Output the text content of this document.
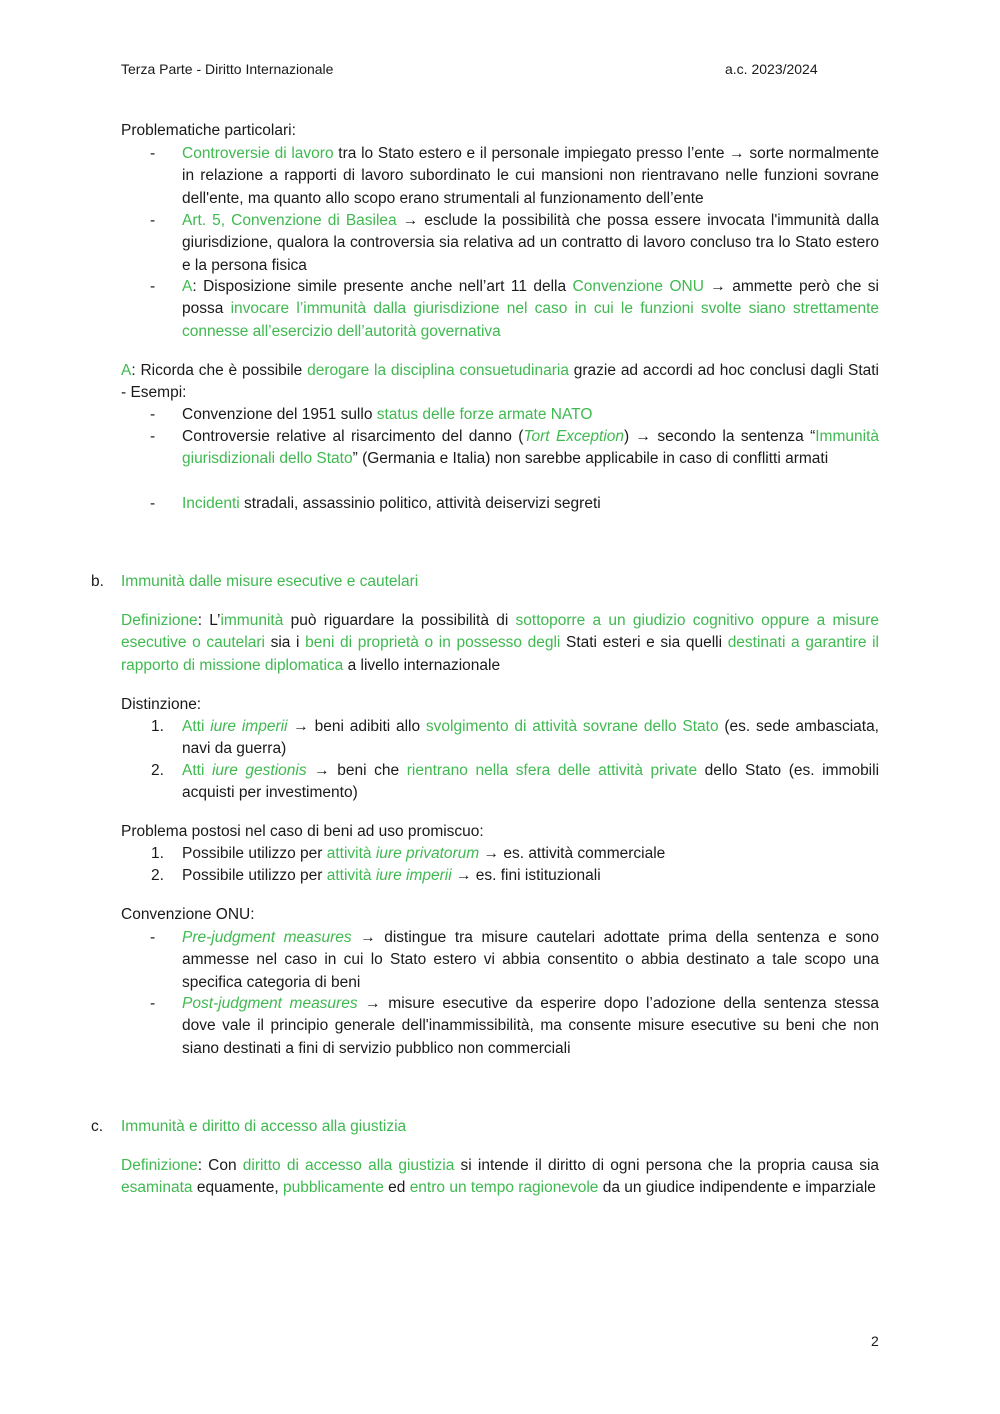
Terza Parte - Diritto Internazionale	a.c. 2023/2024
Problematiche particolari:
- Controversie di lavoro tra lo Stato estero e il personale impiegato presso l’ente → sorte normalmente in relazione a rapporti di lavoro subordinato le cui mansioni non rientravano nelle funzioni sovrane dell'ente, ma quanto allo scopo erano strumentali al funzionamento dell’ente
- Art. 5, Convenzione di Basilea → esclude la possibilità che possa essere invocata l'immunità dalla giurisdizione, qualora la controversia sia relativa ad un contratto di lavoro concluso tra lo Stato estero e la persona fisica
- A: Disposizione simile presente anche nell’art 11 della Convenzione ONU → ammette però che si possa invocare l’immunità dalla giurisdizione nel caso in cui le funzioni svolte siano strettamente connesse all’esercizio dell’autorità governativa
A: Ricorda che è possibile derogare la disciplina consuetudinaria grazie ad accordi ad hoc conclusi dagli Stati - Esempi:
- Convenzione del 1951 sullo status delle forze armate NATO
- Controversie relative al risarcimento del danno (Tort Exception) → secondo la sentenza “Immunità giurisdizionali dello Stato” (Germania e Italia) non sarebbe applicabile in caso di conflitti armati
- Incidenti stradali, assassinio politico, attività deiservizi segreti
b. Immunità dalle misure esecutive e cautelari
Definizione: L’immunità può riguardare la possibilità di sottoporre a un giudizio cognitivo oppure a misure esecutive o cautelari sia i beni di proprietà o in possesso degli Stati esteri e sia quelli destinati a garantire il rapporto di missione diplomatica a livello internazionale
Distinzione:
1. Atti iure imperii → beni adibiti allo svolgimento di attività sovrane dello Stato (es. sede ambasciata, navi da guerra)
2. Atti iure gestionis → beni che rientrano nella sfera delle attività private dello Stato (es. immobili acquisti per investimento)
Problema postosi nel caso di beni ad uso promiscuo:
1. Possibile utilizzo per attività iure privatorum → es. attività commerciale
2. Possibile utilizzo per attività iure imperii → es. fini istituzionali
Convenzione ONU:
- Pre-judgment measures → distingue tra misure cautelari adottate prima della sentenza e sono ammesse nel caso in cui lo Stato estero vi abbia consentito o abbia destinato a tale scopo una specifica categoria di beni
- Post-judgment measures → misure esecutive da esperire dopo l’adozione della sentenza stessa dove vale il principio generale dell'inammissibilità, ma consente misure esecutive su beni che non siano destinati a fini di servizio pubblico non commerciali
c. Immunità e diritto di accesso alla giustizia
Definizione: Con diritto di accesso alla giustizia si intende il diritto di ogni persona che la propria causa sia esaminata equamente, pubblicamente ed entro un tempo ragionevole da un giudice indipendente e imparziale
2
